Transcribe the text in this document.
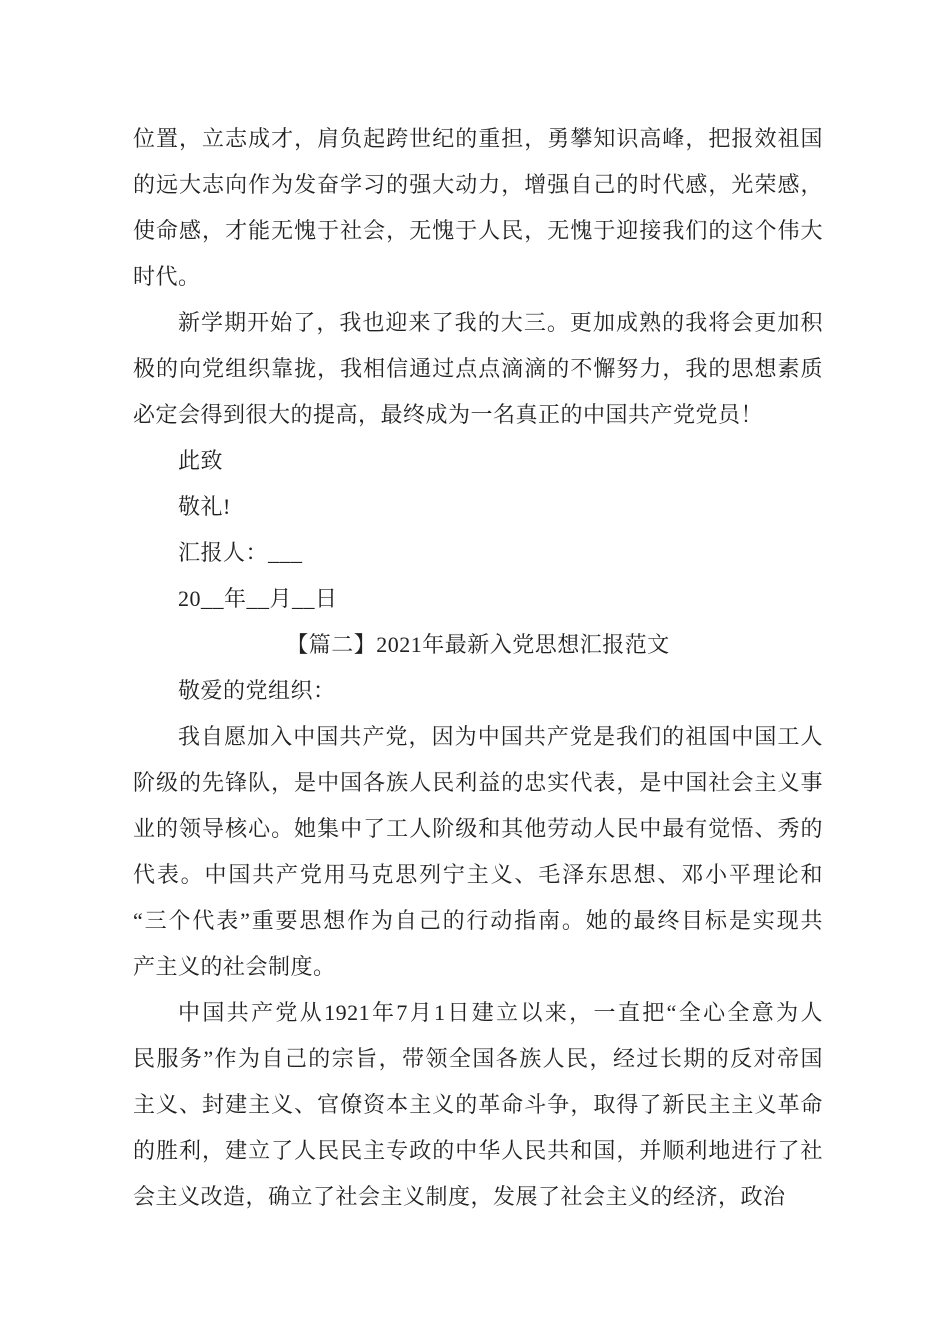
位置，立志成才，肩负起跨世纪的重担，勇攀知识高峰，把报效祖国
的远大志向作为发奋学习的强大动力，增强自己的时代感，光荣感，
使命感，才能无愧于社会，无愧于人民，无愧于迎接我们的这个伟大
时代。
新学期开始了，我也迎来了我的大三。更加成熟的我将会更加积
极的向党组织靠拢，我相信通过点点滴滴的不懈努力，我的思想素质
必定会得到很大的提高，最终成为一名真正的中国共产党党员！
此致
敬礼!
汇报人：___
20__年__月__日
【篇二】2021年最新入党思想汇报范文
敬爱的党组织：
我自愿加入中国共产党，因为中国共产党是我们的祖国中国工人
阶级的先锋队，是中国各族人民利益的忠实代表，是中国社会主义事
业的领导核心。她集中了工人阶级和其他劳动人民中最有觉悟、秀的
代表。中国共产党用马克思列宁主义、毛泽东思想、邓小平理论和
“三个代表”重要思想作为自己的行动指南。她的最终目标是实现共
产主义的社会制度。
中国共产党从1921年7月1日建立以来，一直把“全心全意为人
民服务”作为自己的宗旨，带领全国各族人民，经过长期的反对帝国
主义、封建主义、官僚资本主义的革命斗争，取得了新民主主义革命
的胜利，建立了人民民主专政的中华人民共和国，并顺利地进行了社
会主义改造，确立了社会主义制度，发展了社会主义的经济，政治
